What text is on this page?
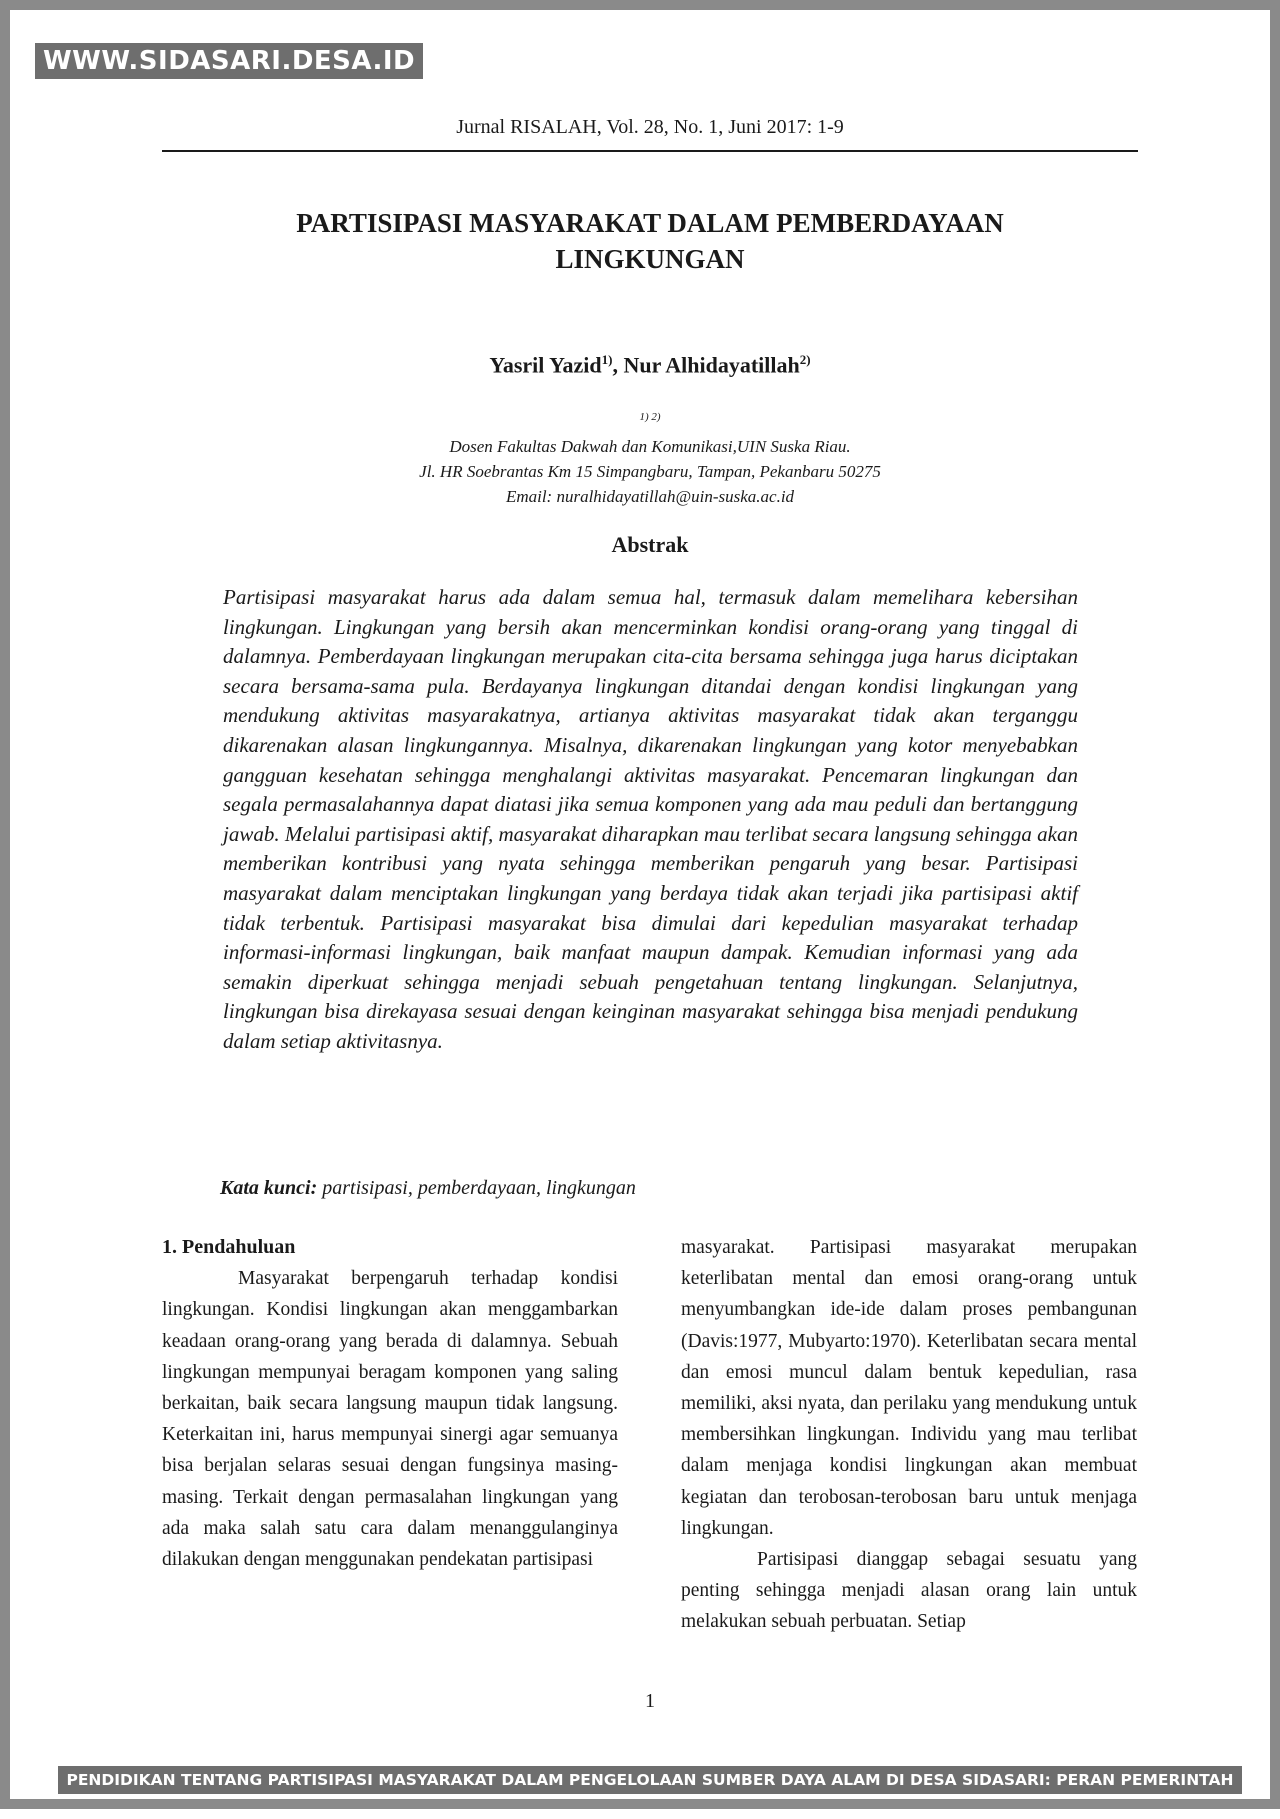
Jurnal RISALAH, Vol. 28, No. 1, Juni 2017: 1-9
PARTISIPASI MASYARAKAT DALAM PEMBERDAYAAN
LINGKUNGAN
Yasril Yazid$^{1)}$, Nur Alhidayatillah$^{2)}$
$^{1) 2)}$
Dosen Fakultas Dakwah dan Komunikasi,UIN Suska Riau.
Jl. HR Soebrantas Km 15 Simpangbaru, Tampan, Pekanbaru 50275
Email: nuralhidayatillah@uin-suska.ac.id
Abstrak
Partisipasi masyarakat harus ada dalam semua hal, termasuk dalam memelihara kebersihan lingkungan. Lingkungan yang bersih akan mencerminkan kondisi orang-orang yang tinggal di dalamnya. Pemberdayaan lingkungan merupakan cita-cita bersama sehingga juga harus diciptakan secara bersama-sama pula. Berdayanya lingkungan ditandai dengan kondisi lingkungan yang mendukung aktivitas masyarakatnya, artianya aktivitas masyarakat tidak akan terganggu dikarenakan alasan lingkungannya. Misalnya, dikarenakan lingkungan yang kotor menyebabkan gangguan kesehatan sehingga menghalangi aktivitas masyarakat. Pencemaran lingkungan dan segala permasalahannya dapat diatasi jika semua komponen yang ada mau peduli dan bertanggung jawab. Melalui partisipasi aktif, masyarakat diharapkan mau terlibat secara langsung sehingga akan memberikan kontribusi yang nyata sehingga memberikan pengaruh yang besar. Partisipasi masyarakat dalam menciptakan lingkungan yang berdaya tidak akan terjadi jika partisipasi aktif tidak terbentuk. Partisipasi masyarakat bisa dimulai dari kepedulian masyarakat terhadap informasi-informasi lingkungan, baik manfaat maupun dampak. Kemudian informasi yang ada semakin diperkuat sehingga menjadi sebuah pengetahuan tentang lingkungan. Selanjutnya, lingkungan bisa direkayasa sesuai dengan keinginan masyarakat sehingga bisa menjadi pendukung dalam setiap aktivitasnya.
Kata kunci: partisipasi, pemberdayaan, lingkungan
1. Pendahuluan

Masyarakat berpengaruh terhadap kondisi lingkungan. Kondisi lingkungan akan menggambarkan keadaan orang-orang yang berada di dalamnya. Sebuah lingkungan mempunyai beragam komponen yang saling berkaitan, baik secara langsung maupun tidak langsung. Keterkaitan ini, harus mempunyai sinergi agar semuanya bisa berjalan selaras sesuai dengan fungsinya masing-masing. Terkait dengan permasalahan lingkungan yang ada maka salah satu cara dalam menanggulanginya dilakukan dengan menggunakan pendekatan partisipasi

masyarakat. Partisipasi masyarakat merupakan keterlibatan mental dan emosi orang-orang untuk menyumbangkan ide-ide dalam proses pembangunan (Davis:1977, Mubyarto:1970). Keterlibatan secara mental dan emosi muncul dalam bentuk kepedulian, rasa memiliki, aksi nyata, dan perilaku yang mendukung untuk membersihkan lingkungan. Individu yang mau terlibat dalam menjaga kondisi lingkungan akan membuat kegiatan dan terobosan-terobosan baru untuk menjaga lingkungan.

Partisipasi dianggap sebagai sesuatu yang penting sehingga menjadi alasan orang lain untuk melakukan sebuah perbuatan. Setiap

1
WWW.SIDASARI.DESA.ID
PENDIDIKAN TENTANG PARTISIPASI MASYARAKAT DALAM PENGELOLAAN SUMBER DAYA ALAM DI DESA SIDASARI: PERAN PEMERINTAH
